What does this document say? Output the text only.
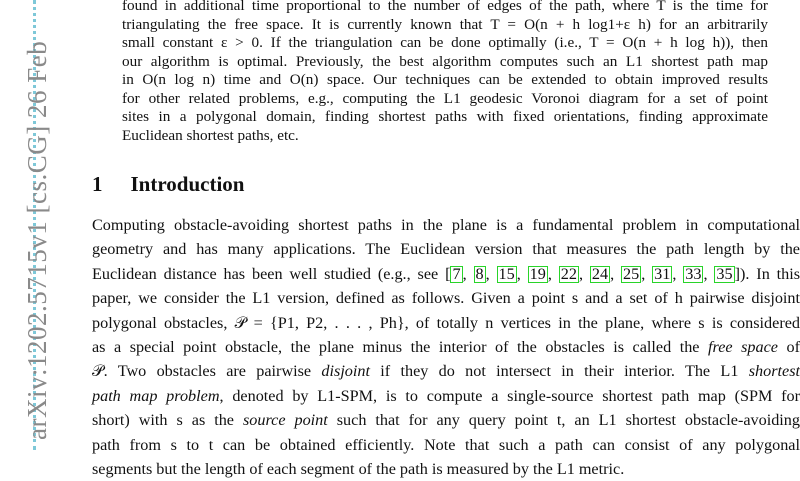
arXiv:1202.5715v1 [cs.CG] 26 Feb
found in additional time proportional to the number of edges of the path, where T is the time for
triangulating the free space. It is currently known that T = O(n + h log1+ε h) for an arbitrarily
small constant ε > 0. If the triangulation can be done optimally (i.e., T = O(n + h log h)), then
our algorithm is optimal. Previously, the best algorithm computes such an L1 shortest path map
in O(n log n) time and O(n) space. Our techniques can be extended to obtain improved results
for other related problems, e.g., computing the L1 geodesic Voronoi diagram for a set of point
sites in a polygonal domain, finding shortest paths with fixed orientations, finding approximate
Euclidean shortest paths, etc.
1 Introduction
Computing obstacle-avoiding shortest paths in the plane is a fundamental problem in computational
geometry and has many applications. The Euclidean version that measures the path length by the
Euclidean distance has been well studied (e.g., see [ 7 , 8 , 15 , 19 , 22 , 24 , 25 , 31 , 33 , 35 ]). In this
paper, we consider the L1 version, defined as follows. Given a point s and a set of h pairwise disjoint
polygonal obstacles, 𝒫 = {P1, P2, . . . , Ph}, of totally n vertices in the plane, where s is considered
as a special point obstacle, the plane minus the interior of the obstacles is called the free space of
𝒫. Two obstacles are pairwise disjoint if they do not intersect in their interior. The L1 shortest
path map problem, denoted by L1-SPM, is to compute a single-source shortest path map (SPM for
short) with s as the source point such that for any query point t, an L1 shortest obstacle-avoiding
path from s to t can be obtained efficiently. Note that such a path can consist of any polygonal
segments but the length of each segment of the path is measured by the L1 metric.
